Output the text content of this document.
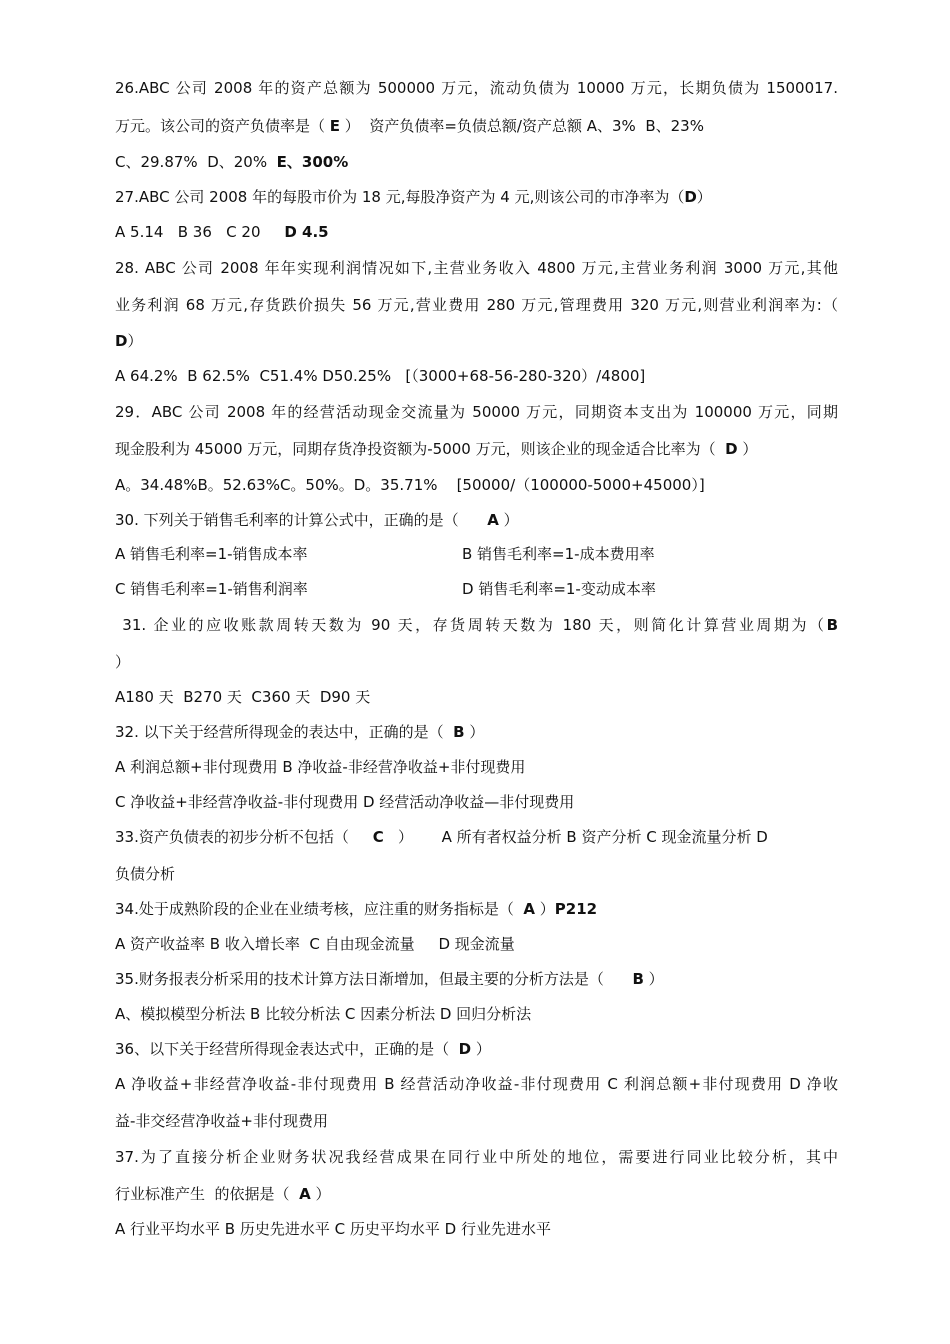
26.ABC 公司 2008 年的资产总额为 500000 万元，流动负债为 10000 万元，长期负债为 1500017.
万元。该公司的资产负债率是（ E ）  资产负债率=负债总额/资产总额 A、3%  B、23%
C、29.87%  D、20%  E、300%
27.ABC 公司 2008 年的每股市价为 18 元,每股净资产为 4 元,则该公司的市净率为（D）
A 5.14   B 36   C 20     D 4.5
28. ABC 公司 2008 年年实现利润情况如下,主营业务收入 4800 万元,主营业务利润 3000 万元,其他
业务利润 68 万元,存货跌价损失 56 万元,营业费用 280 万元,管理费用 320 万元,则营业利润率为:（
D）
A 64.2%  B 62.5%  C51.4% D50.25%   [（3000+68-56-280-320）/4800]
29．ABC 公司 2008 年的经营活动现金交流量为 50000 万元，同期资本支出为 100000 万元，同期
现金股利为 45000 万元，同期存货净投资额为-5000 万元，则该企业的现金适合比率为（  D ）
A。34.48%B。52.63%C。50%。D。35.71%    [50000/（100000-5000+45000）]
30. 下列关于销售毛利率的计算公式中，正确的是（      A ）
A 销售毛利率=1-销售成本率	B 销售毛利率=1-成本费用率
C 销售毛利率=1-销售利润率	D 销售毛利率=1-变动成本率
31. 企业的应收账款周转天数为 90 天，存货周转天数为 180 天，则简化计算营业周期为（B
）
A180 天  B270 天  C360 天  D90 天
32. 以下关于经营所得现金的表达中，正确的是（  B ）
A 利润总额+非付现费用 B 净收益-非经营净收益+非付现费用
C 净收益+非经营净收益-非付现费用 D 经营活动净收益—非付现费用
33.资产负债表的初步分析不包括（     C   ）      A 所有者权益分析 B 资产分析 C 现金流量分析 D
负债分析
34.处于成熟阶段的企业在业绩考核，应注重的财务指标是（  A ）P212
A 资产收益率 B 收入增长率  C 自由现金流量     D 现金流量
35.财务报表分析采用的技术计算方法日渐增加，但最主要的分析方法是（      B ）
A、模拟模型分析法 B 比较分析法 C 因素分析法 D 回归分析法
36、以下关于经营所得现金表达式中，正确的是（  D ）
A 净收益+非经营净收益-非付现费用 B 经营活动净收益-非付现费用 C 利润总额+非付现费用 D 净收
益-非交经营净收益+非付现费用
37.为了直接分析企业财务状况我经营成果在同行业中所处的地位，需要进行同业比较分析，其中
行业标准产生  的依据是（  A ）
A 行业平均水平 B 历史先进水平 C 历史平均水平 D 行业先进水平
